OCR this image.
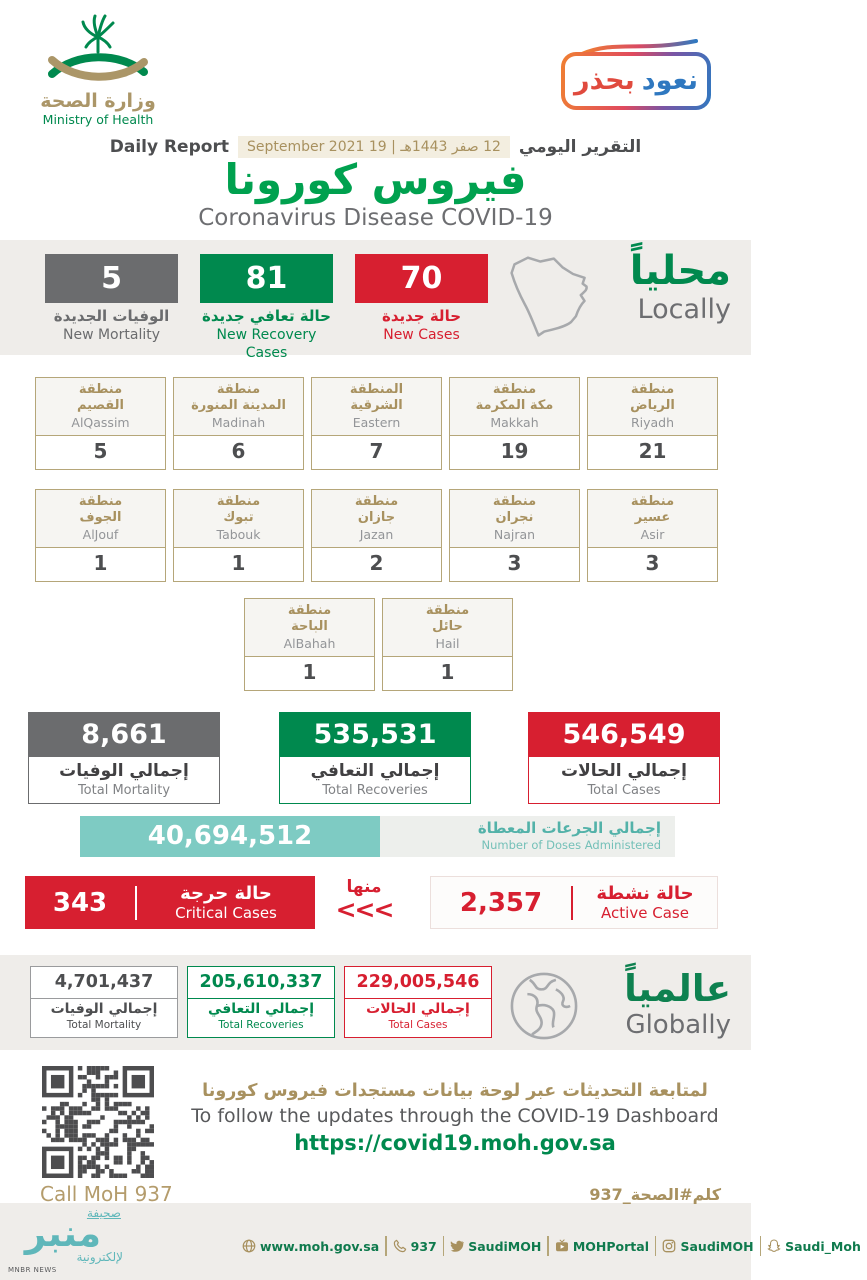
وزارة الصحة
Ministry of Health
نعود
بحذر
التقرير اليومي
12 صفر 1443هـ | 19 September 2021
Daily Report
فيروس كورونا
Coronavirus Disease COVID-19
5
الوفيات الجديدة
New Mortality
81
حالة تعافي جديدة
New Recovery Cases
70
حالة جديدة
New Cases
محلياً
Locally
منطقة
القصيم
AlQassim
5
منطقة
المدينة المنورة
Madinah
6
المنطقة
الشرقية
Eastern
7
منطقة
مكة المكرمة
Makkah
19
منطقة
الرياض
Riyadh
21
منطقة
الجوف
AlJouf
1
منطقة
تبوك
Tabouk
1
منطقة
جازان
Jazan
2
منطقة
نجران
Najran
3
منطقة
عسير
Asir
3
منطقة
الباحة
AlBahah
1
منطقة
حائل
Hail
1
8,661
إجمالي الوفيات
Total Mortality
535,531
إجمالي التعافي
Total Recoveries
546,549
إجمالي الحالات
Total Cases
40,694,512	إجمالي الجرعات المعطاة
Number of Doses Administered
343	حالة حرجة
Critical Cases
منها
<<<	2,357	حالة نشطة
Active Case
4,701,437
إجمالي الوفيات
Total Mortality
205,610,337
إجمالي التعافي
Total Recoveries
229,005,546
إجمالي الحالات
Total Cases
عالمياً
Globally
لمتابعة التحديثات عبر لوحة بيانات مستجدات فيروس كورونا
To follow the updates through the COVID-19 Dashboard
https://covid19.moh.gov.sa
Call MoH 937	كلم#الصحة_937
www.moh.gov.sa	937	SaudiMOH	MOHPortal	SaudiMOH	Saudi_Moh
صحيفة
منبر
لإلكترونية
MNBR NEWS
